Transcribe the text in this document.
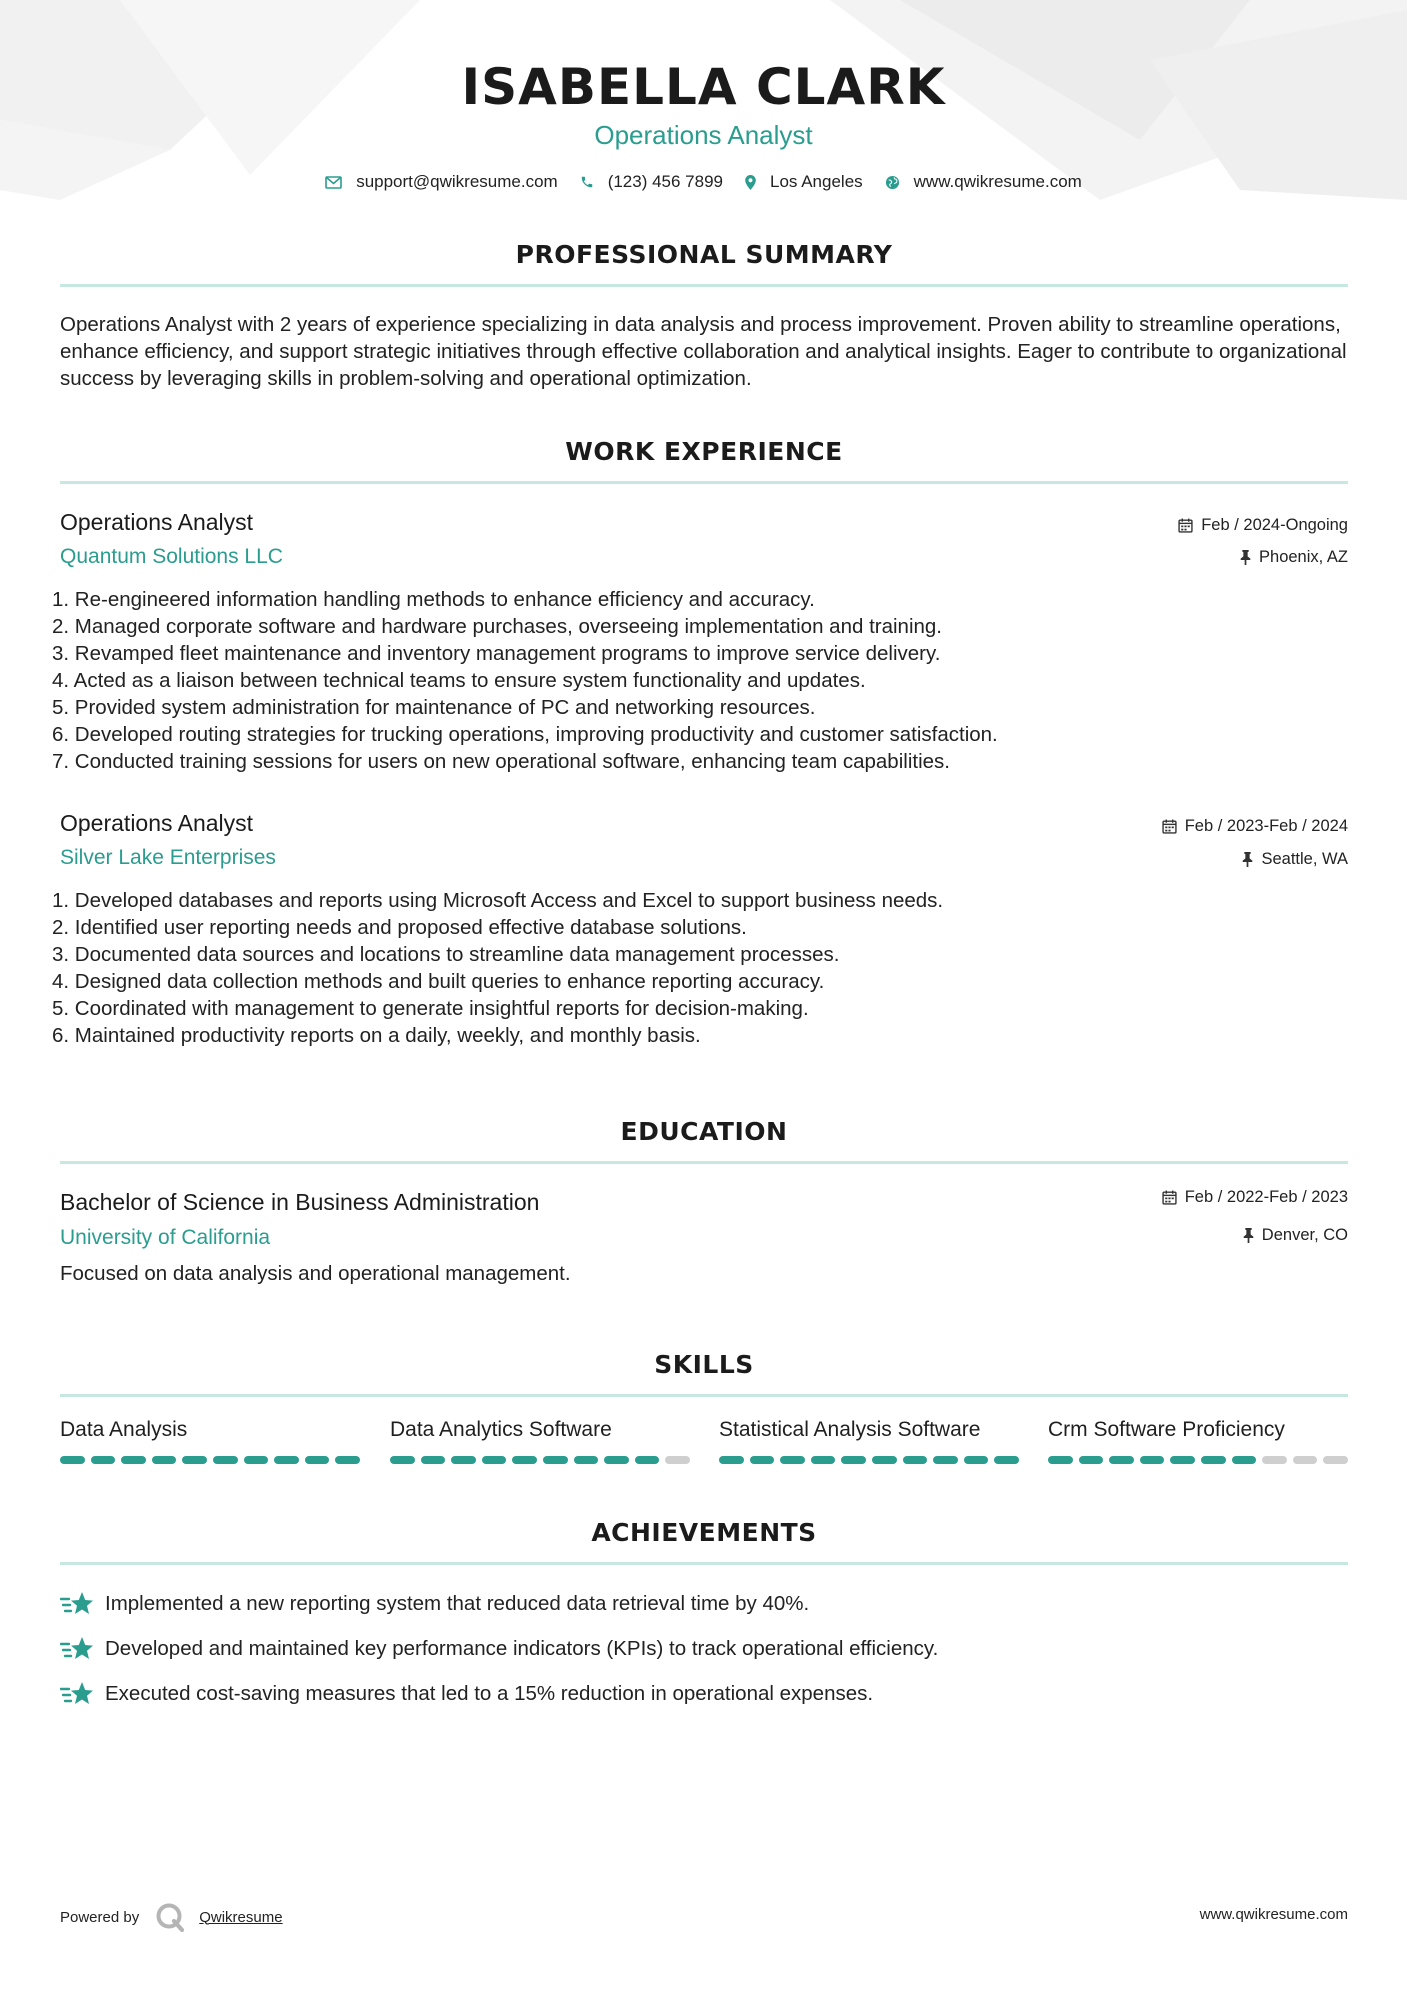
ISABELLA CLARK
Operations Analyst
support@qwikresume.com	(123) 456 7899	Los Angeles	www.qwikresume.com
PROFESSIONAL SUMMARY
Operations Analyst with 2 years of experience specializing in data analysis and process improvement. Proven ability to streamline operations, enhance efficiency, and support strategic initiatives through effective collaboration and analytical insights. Eager to contribute to organizational success by leveraging skills in problem-solving and operational optimization.
WORK EXPERIENCE
Operations Analyst
Quantum Solutions LLC
Feb / 2024-Ongoing
Phoenix, AZ
1. Re-engineered information handling methods to enhance efficiency and accuracy.
2. Managed corporate software and hardware purchases, overseeing implementation and training.
3. Revamped fleet maintenance and inventory management programs to improve service delivery.
4. Acted as a liaison between technical teams to ensure system functionality and updates.
5. Provided system administration for maintenance of PC and networking resources.
6. Developed routing strategies for trucking operations, improving productivity and customer satisfaction.
7. Conducted training sessions for users on new operational software, enhancing team capabilities.
Operations Analyst
Silver Lake Enterprises
Feb / 2023-Feb / 2024
Seattle, WA
1. Developed databases and reports using Microsoft Access and Excel to support business needs.
2. Identified user reporting needs and proposed effective database solutions.
3. Documented data sources and locations to streamline data management processes.
4. Designed data collection methods and built queries to enhance reporting accuracy.
5. Coordinated with management to generate insightful reports for decision-making.
6. Maintained productivity reports on a daily, weekly, and monthly basis.
EDUCATION
Bachelor of Science in Business Administration
University of California
Feb / 2022-Feb / 2023
Denver, CO
Focused on data analysis and operational management.
SKILLS
Data Analysis	Data Analytics Software	Statistical Analysis Software	Crm Software Proficiency
ACHIEVEMENTS
Implemented a new reporting system that reduced data retrieval time by 40%.
Developed and maintained key performance indicators (KPIs) to track operational efficiency.
Executed cost-saving measures that led to a 15% reduction in operational expenses.
Powered by	Qwikresume	www.qwikresume.com
